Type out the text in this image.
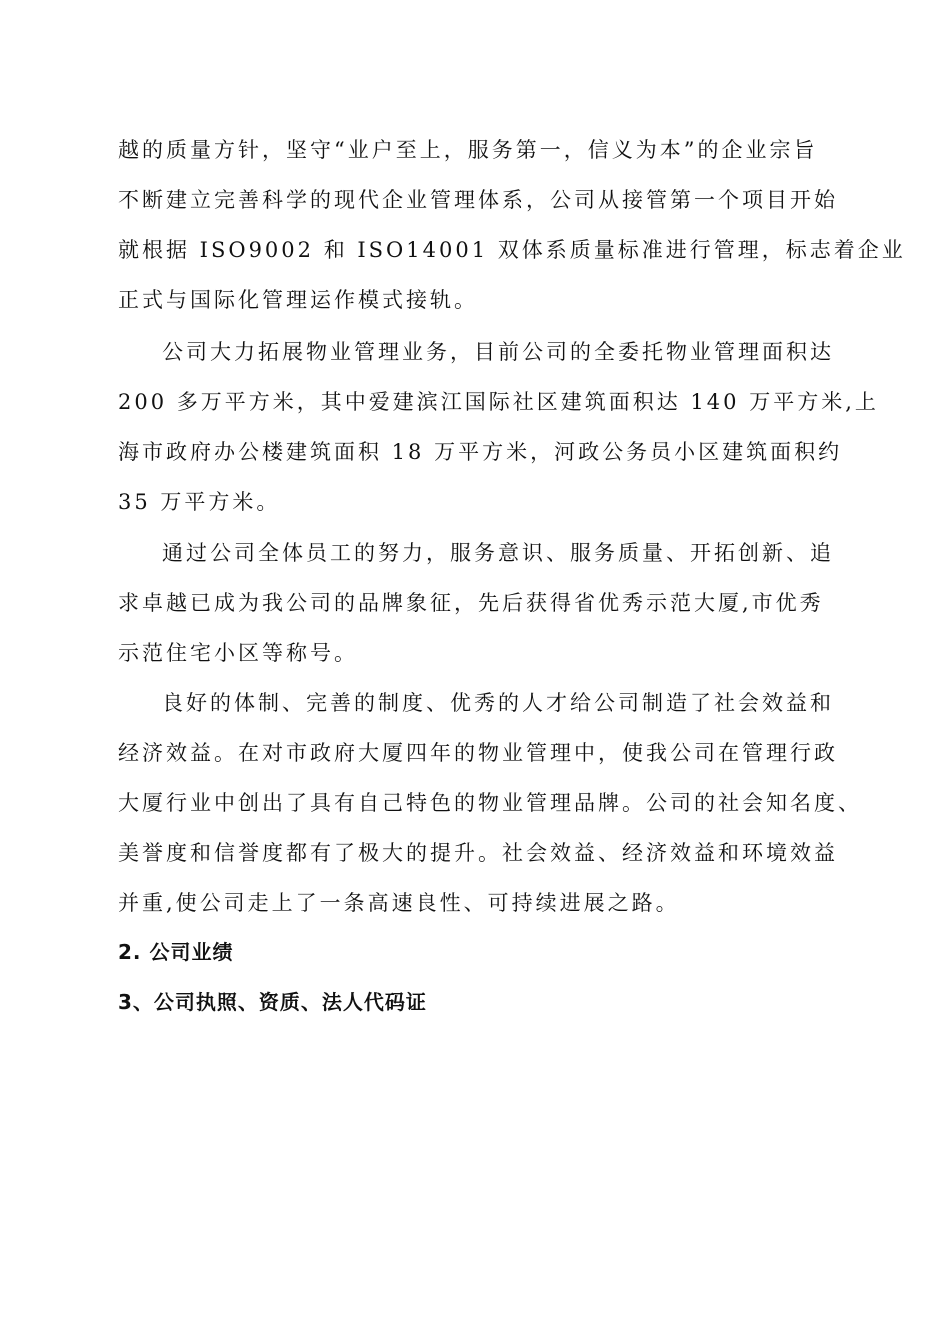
越的质量方针，坚守“业户至上，服务第一，信义为本”的企业宗旨
不断建立完善科学的现代企业管理体系，公司从接管第一个项目开始
就根据 ISO9002 和 ISO14001 双体系质量标准进行管理，标志着企业
正式与国际化管理运作模式接轨。
公司大力拓展物业管理业务，目前公司的全委托物业管理面积达
200 多万平方米，其中爱建滨江国际社区建筑面积达 140 万平方米,上
海市政府办公楼建筑面积 18 万平方米，河政公务员小区建筑面积约
35 万平方米。
通过公司全体员工的努力，服务意识、服务质量、开拓创新、追
求卓越已成为我公司的品牌象征，先后获得省优秀示范大厦,市优秀
示范住宅小区等称号。
良好的体制、完善的制度、优秀的人才给公司制造了社会效益和
经济效益。在对市政府大厦四年的物业管理中，使我公司在管理行政
大厦行业中创出了具有自己特色的物业管理品牌。公司的社会知名度、
美誉度和信誉度都有了极大的提升。社会效益、经济效益和环境效益
并重,使公司走上了一条高速良性、可持续进展之路。
2. 公司业绩
3、公司执照、资质、法人代码证
